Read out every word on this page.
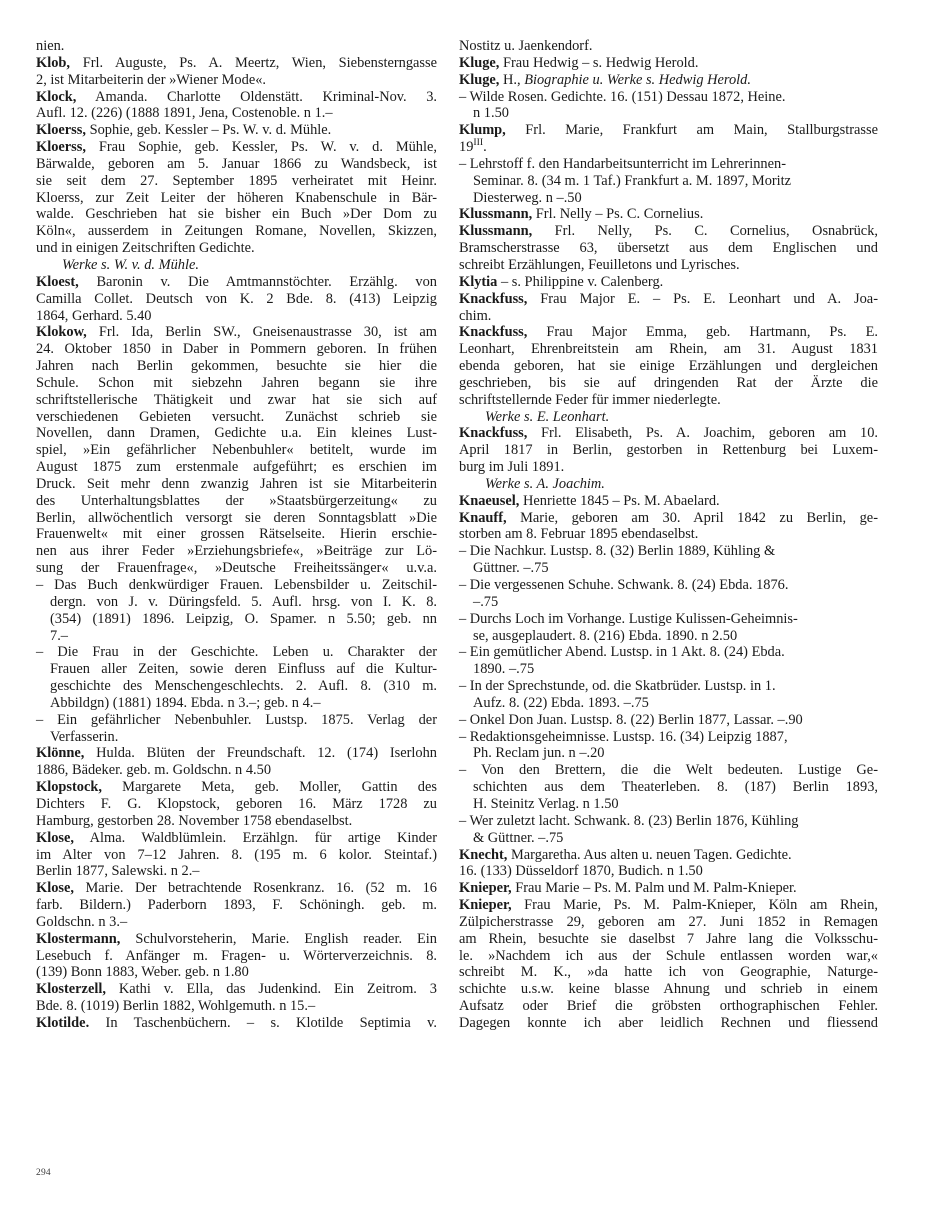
nien.
Klob, Frl. Auguste, Ps. A. Meertz, Wien, Siebensterngasse
2, ist Mitarbeiterin der »Wiener Mode«.
Klock, Amanda. Charlotte Oldenstätt. Kriminal-Nov. 3.
Aufl. 12. (226) (1888 1891, Jena, Costenoble. n 1.–
Kloerss, Sophie, geb. Kessler – Ps. W. v. d. Mühle.
Kloerss, Frau Sophie, geb. Kessler, Ps. W. v. d. Mühle,
Bärwalde, geboren am 5. Januar 1866 zu Wandsbeck, ist
sie seit dem 27. September 1895 verheiratet mit Heinr.
Kloerss, zur Zeit Leiter der höheren Knabenschule in Bär-
walde. Geschrieben hat sie bisher ein Buch »Der Dom zu
Köln«, ausserdem in Zeitungen Romane, Novellen, Skizzen,
und in einigen Zeitschriften Gedichte.
Werke s. W. v. d. Mühle.
Kloest, Baronin v. Die Amtmannstöchter. Erzählg. von
Camilla Collet. Deutsch von K. 2 Bde. 8. (413) Leipzig
1864, Gerhard. 5.40
Klokow, Frl. Ida, Berlin SW., Gneisenaustrasse 30, ist am
24. Oktober 1850 in Daber in Pommern geboren. In frühen
Jahren nach Berlin gekommen, besuchte sie hier die
Schule. Schon mit siebzehn Jahren begann sie ihre
schriftstellerische Thätigkeit und zwar hat sie sich auf
verschiedenen Gebieten versucht. Zunächst schrieb sie
Novellen, dann Dramen, Gedichte u.a. Ein kleines Lust-
spiel, »Ein gefährlicher Nebenbuhler« betitelt, wurde im
August 1875 zum erstenmale aufgeführt; es erschien im
Druck. Seit mehr denn zwanzig Jahren ist sie Mitarbeiterin
des Unterhaltungsblattes der »Staatsbürgerzeitung« zu
Berlin, allwöchentlich versorgt sie deren Sonntagsblatt »Die
Frauenwelt« mit einer grossen Rätselseite. Hierin erschie-
nen aus ihrer Feder »Erziehungsbriefe«, »Beiträge zur Lö-
sung der Frauenfrage«, »Deutsche Freiheitssänger« u.v.a.
– Das Buch denkwürdiger Frauen. Lebensbilder u. Zeitschil-
dergn. von J. v. Düringsfeld. 5. Aufl. hrsg. von I. K. 8.
(354) (1891) 1896. Leipzig, O. Spamer. n 5.50; geb. nn
7.–
– Die Frau in der Geschichte. Leben u. Charakter der
Frauen aller Zeiten, sowie deren Einfluss auf die Kultur-
geschichte des Menschengeschlechts. 2. Aufl. 8. (310 m.
Abbildgn) (1881) 1894. Ebda. n 3.–; geb. n 4.–
– Ein gefährlicher Nebenbuhler. Lustsp. 1875. Verlag der
Verfasserin.
Klönne, Hulda. Blüten der Freundschaft. 12. (174) Iserlohn
1886, Bädeker. geb. m. Goldschn. n 4.50
Klopstock, Margarete Meta, geb. Moller, Gattin des
Dichters F. G. Klopstock, geboren 16. März 1728 zu
Hamburg, gestorben 28. November 1758 ebendaselbst.
Klose, Alma. Waldblümlein. Erzählgn. für artige Kinder
im Alter von 7–12 Jahren. 8. (195 m. 6 kolor. Steintaf.)
Berlin 1877, Salewski. n 2.–
Klose, Marie. Der betrachtende Rosenkranz. 16. (52 m. 16
farb. Bildern.) Paderborn 1893, F. Schöningh. geb. m.
Goldschn. n 3.–
Klostermann, Schulvorsteherin, Marie. English reader. Ein
Lesebuch f. Anfänger m. Fragen- u. Wörterverzeichnis. 8.
(139) Bonn 1883, Weber. geb. n 1.80
Klosterzell, Kathi v. Ella, das Judenkind. Ein Zeitrom. 3
Bde. 8. (1019) Berlin 1882, Wohlgemuth. n 15.–
Klotilde. In Taschenbüchern. – s. Klotilde Septimia v.
Nostitz u. Jaenkendorf.
Kluge, Frau Hedwig – s. Hedwig Herold.
Kluge, H., Biographie u. Werke s. Hedwig Herold.
– Wilde Rosen. Gedichte. 16. (151) Dessau 1872, Heine.
n 1.50
Klump, Frl. Marie, Frankfurt am Main, Stallburgstrasse
$19^{III}$.
– Lehrstoff f. den Handarbeitsunterricht im Lehrerinnen-
Seminar. 8. (34 m. 1 Taf.) Frankfurt a. M. 1897, Moritz
Diesterweg. n –.50
Klussmann, Frl. Nelly – Ps. C. Cornelius.
Klussmann, Frl. Nelly, Ps. C. Cornelius, Osnabrück,
Bramscherstrasse 63, übersetzt aus dem Englischen und
schreibt Erzählungen, Feuilletons und Lyrisches.
Klytia – s. Philippine v. Calenberg.
Knackfuss, Frau Major E. – Ps. E. Leonhart und A. Joa-
chim.
Knackfuss, Frau Major Emma, geb. Hartmann, Ps. E.
Leonhart, Ehrenbreitstein am Rhein, am 31. August 1831
ebenda geboren, hat sie einige Erzählungen und dergleichen
geschrieben, bis sie auf dringenden Rat der Ärzte die
schriftstellernde Feder für immer niederlegte.
Werke s. E. Leonhart.
Knackfuss, Frl. Elisabeth, Ps. A. Joachim, geboren am 10.
April 1817 in Berlin, gestorben in Rettenburg bei Luxem-
burg im Juli 1891.
Werke s. A. Joachim.
Knaeusel, Henriette 1845 – Ps. M. Abaelard.
Knauff, Marie, geboren am 30. April 1842 zu Berlin, ge-
storben am 8. Februar 1895 ebendaselbst.
– Die Nachkur. Lustsp. 8. (32) Berlin 1889, Kühling &
Güttner. –.75
– Die vergessenen Schuhe. Schwank. 8. (24) Ebda. 1876.
–.75
– Durchs Loch im Vorhange. Lustige Kulissen-Geheimnis-
se, ausgeplaudert. 8. (216) Ebda. 1890. n 2.50
– Ein gemütlicher Abend. Lustsp. in 1 Akt. 8. (24) Ebda.
1890. –.75
– In der Sprechstunde, od. die Skatbrüder. Lustsp. in 1.
Aufz. 8. (22) Ebda. 1893. –.75
– Onkel Don Juan. Lustsp. 8. (22) Berlin 1877, Lassar. –.90
– Redaktionsgeheimnisse. Lustsp. 16. (34) Leipzig 1887,
Ph. Reclam jun. n –.20
– Von den Brettern, die die Welt bedeuten. Lustige Ge-
schichten aus dem Theaterleben. 8. (187) Berlin 1893,
H. Steinitz Verlag. n 1.50
– Wer zuletzt lacht. Schwank. 8. (23) Berlin 1876, Kühling
& Güttner. –.75
Knecht, Margaretha. Aus alten u. neuen Tagen. Gedichte.
16. (133) Düsseldorf 1870, Budich. n 1.50
Knieper, Frau Marie – Ps. M. Palm und M. Palm-Knieper.
Knieper, Frau Marie, Ps. M. Palm-Knieper, Köln am Rhein,
Zülpicherstrasse 29, geboren am 27. Juni 1852 in Remagen
am Rhein, besuchte sie daselbst 7 Jahre lang die Volksschu-
le. »Nachdem ich aus der Schule entlassen worden war,«
schreibt M. K., »da hatte ich von Geographie, Naturge-
schichte u.s.w. keine blasse Ahnung und schrieb in einem
Aufsatz oder Brief die gröbsten orthographischen Fehler.
Dagegen konnte ich aber leidlich Rechnen und fliessend
294
